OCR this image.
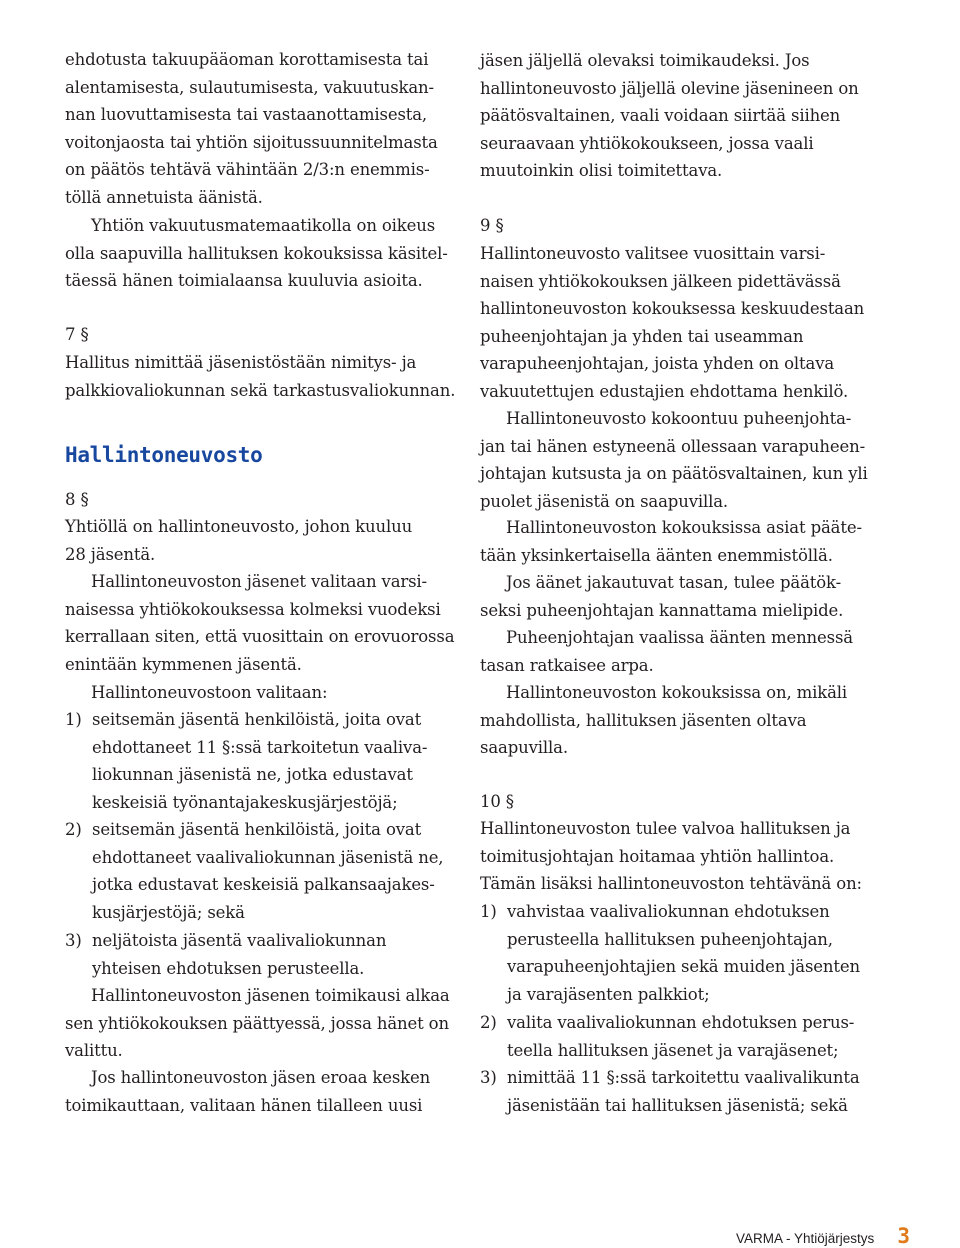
ehdotusta takuupääoman korottamisesta tai

alentamisesta, sulautumisesta, vakuutuskan-

nan luovuttamisesta tai vastaanottamisesta,

voitonjaosta tai yhtiön sijoitussuunnitelmasta

on päätös tehtävä vähintään 2/3:n enemmis-

töllä annetuista äänistä.

Yhtiön vakuutusmatemaatikolla on oikeus

olla saapuvilla hallituksen kokouksissa käsitel-

täessä hänen toimialaansa kuuluvia asioita.

7 §

Hallitus nimittää jäsenistöstään nimitys- ja

palkkiovaliokunnan sekä tarkastusvaliokunnan.

Hallintoneuvosto

8 §

Yhtiöllä on hallintoneuvosto, johon kuuluu

28 jäsentä.

Hallintoneuvoston jäsenet valitaan varsi-

naisessa yhtiökokouksessa kolmeksi vuodeksi

kerrallaan siten, että vuosittain on erovuorossa

enintään kymmenen jäsentä.

Hallintoneuvostoon valitaan:

1) seitsemän jäsentä henkilöistä, joita ovat
ehdottaneet 11 §:ssä tarkoitetun vaaliva-
liokunnan jäsenistä ne, jotka edustavat
keskeisiä työnantajakeskusjärjestöjä;
2) seitsemän jäsentä henkilöistä, joita ovat
ehdottaneet vaalivaliokunnan jäsenistä ne,
jotka edustavat keskeisiä palkansaajakes-
kusjärjestöjä; sekä
3) neljätoista jäsentä vaalivaliokunnan
yhteisen ehdotuksen perusteella.

Hallintoneuvoston jäsenen toimikausi alkaa

sen yhtiökokouksen päättyessä, jossa hänet on

valittu.

Jos hallintoneuvoston jäsen eroaa kesken

toimikauttaan, valitaan hänen tilalleen uusi

jäsen jäljellä olevaksi toimikaudeksi. Jos

hallintoneuvosto jäljellä olevine jäsenineen on

päätösvaltainen, vaali voidaan siirtää siihen

seuraavaan yhtiökokoukseen, jossa vaali

muutoinkin olisi toimitettava.

9 §

Hallintoneuvosto valitsee vuosittain varsi-

naisen yhtiökokouksen jälkeen pidettävässä

hallintoneuvoston kokouksessa keskuudestaan

puheenjohtajan ja yhden tai useamman

varapuheenjohtajan, joista yhden on oltava

vakuutettujen edustajien ehdottama henkilö.

Hallintoneuvosto kokoontuu puheenjohta-

jan tai hänen estyneenä ollessaan varapuheen-

johtajan kutsusta ja on päätösvaltainen, kun yli

puolet jäsenistä on saapuvilla.

Hallintoneuvoston kokouksissa asiat pääte-

tään yksinkertaisella äänten enemmistöllä.

Jos äänet jakautuvat tasan, tulee päätök-

seksi puheenjohtajan kannattama mielipide.

Puheenjohtajan vaalissa äänten mennessä

tasan ratkaisee arpa.

Hallintoneuvoston kokouksissa on, mikäli

mahdollista, hallituksen jäsenten oltava

saapuvilla.

10 §

Hallintoneuvoston tulee valvoa hallituksen ja

toimitusjohtajan hoitamaa yhtiön hallintoa.

Tämän lisäksi hallintoneuvoston tehtävänä on:

1) vahvistaa vaalivaliokunnan ehdotuksen
perusteella hallituksen puheenjohtajan,
varapuheenjohtajien sekä muiden jäsenten
ja varajäsenten palkkiot;
2) valita vaalivaliokunnan ehdotuksen perus-
teella hallituksen jäsenet ja varajäsenet;
3) nimittää 11 §:ssä tarkoitettu vaalivalikunta
jäsenistään tai hallituksen jäsenistä; sekä
VARMA - Yhtiöjärjestys 3
